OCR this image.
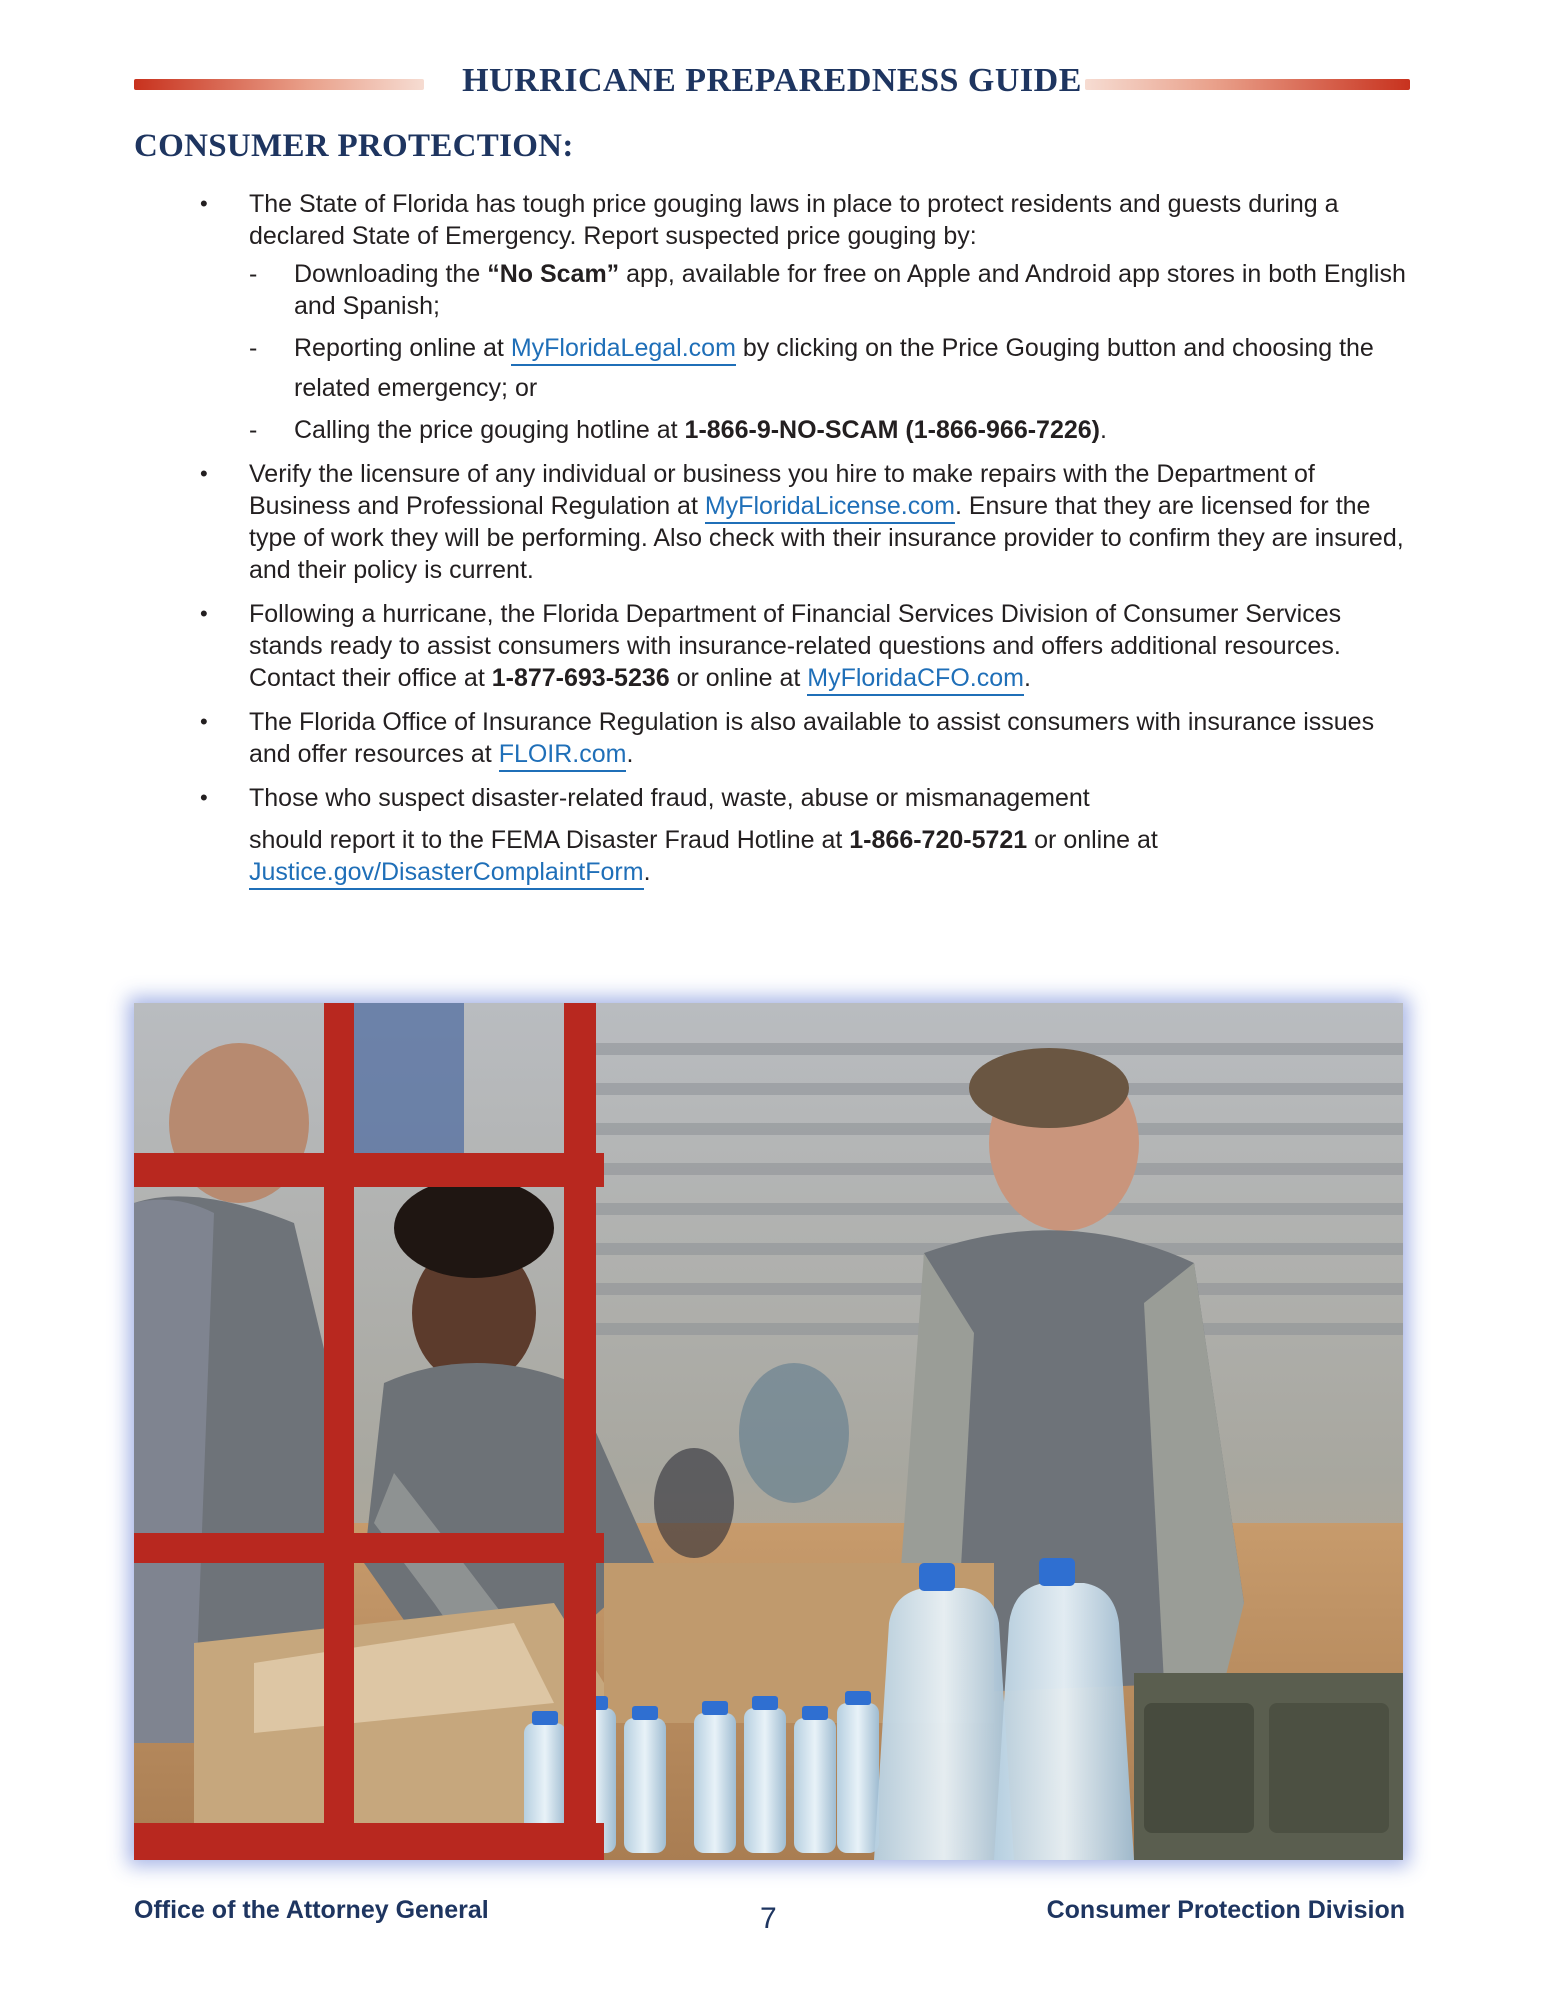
HURRICANE PREPAREDNESS GUIDE
CONSUMER PROTECTION:
• The State of Florida has tough price gouging laws in place to protect residents and guests during a declared State of Emergency. Report suspected price gouging by:
- Downloading the “No Scam” app, available for free on Apple and Android app stores in both English and Spanish;
- Reporting online at MyFloridaLegal.com by clicking on the Price Gouging button and choosing the related emergency; or
- Calling the price gouging hotline at 1-866-9-NO-SCAM (1-866-966-7226).
• Verify the licensure of any individual or business you hire to make repairs with the Department of Business and Professional Regulation at MyFloridaLicense.com. Ensure that they are licensed for the type of work they will be performing. Also check with their insurance provider to confirm they are insured, and their policy is current.
• Following a hurricane, the Florida Department of Financial Services Division of Consumer Services stands ready to assist consumers with insurance-related questions and offers additional resources. Contact their office at 1-877-693-5236 or online at MyFloridaCFO.com.
• The Florida Office of Insurance Regulation is also available to assist consumers with insurance issues and offer resources at FLOIR.com.
• Those who suspect disaster-related fraud, waste, abuse or mismanagement
should report it to the FEMA Disaster Fraud Hotline at 1-866-720-5721 or online at Justice.gov/DisasterComplaintForm.
Office of the Attorney General	7	Consumer Protection Division
